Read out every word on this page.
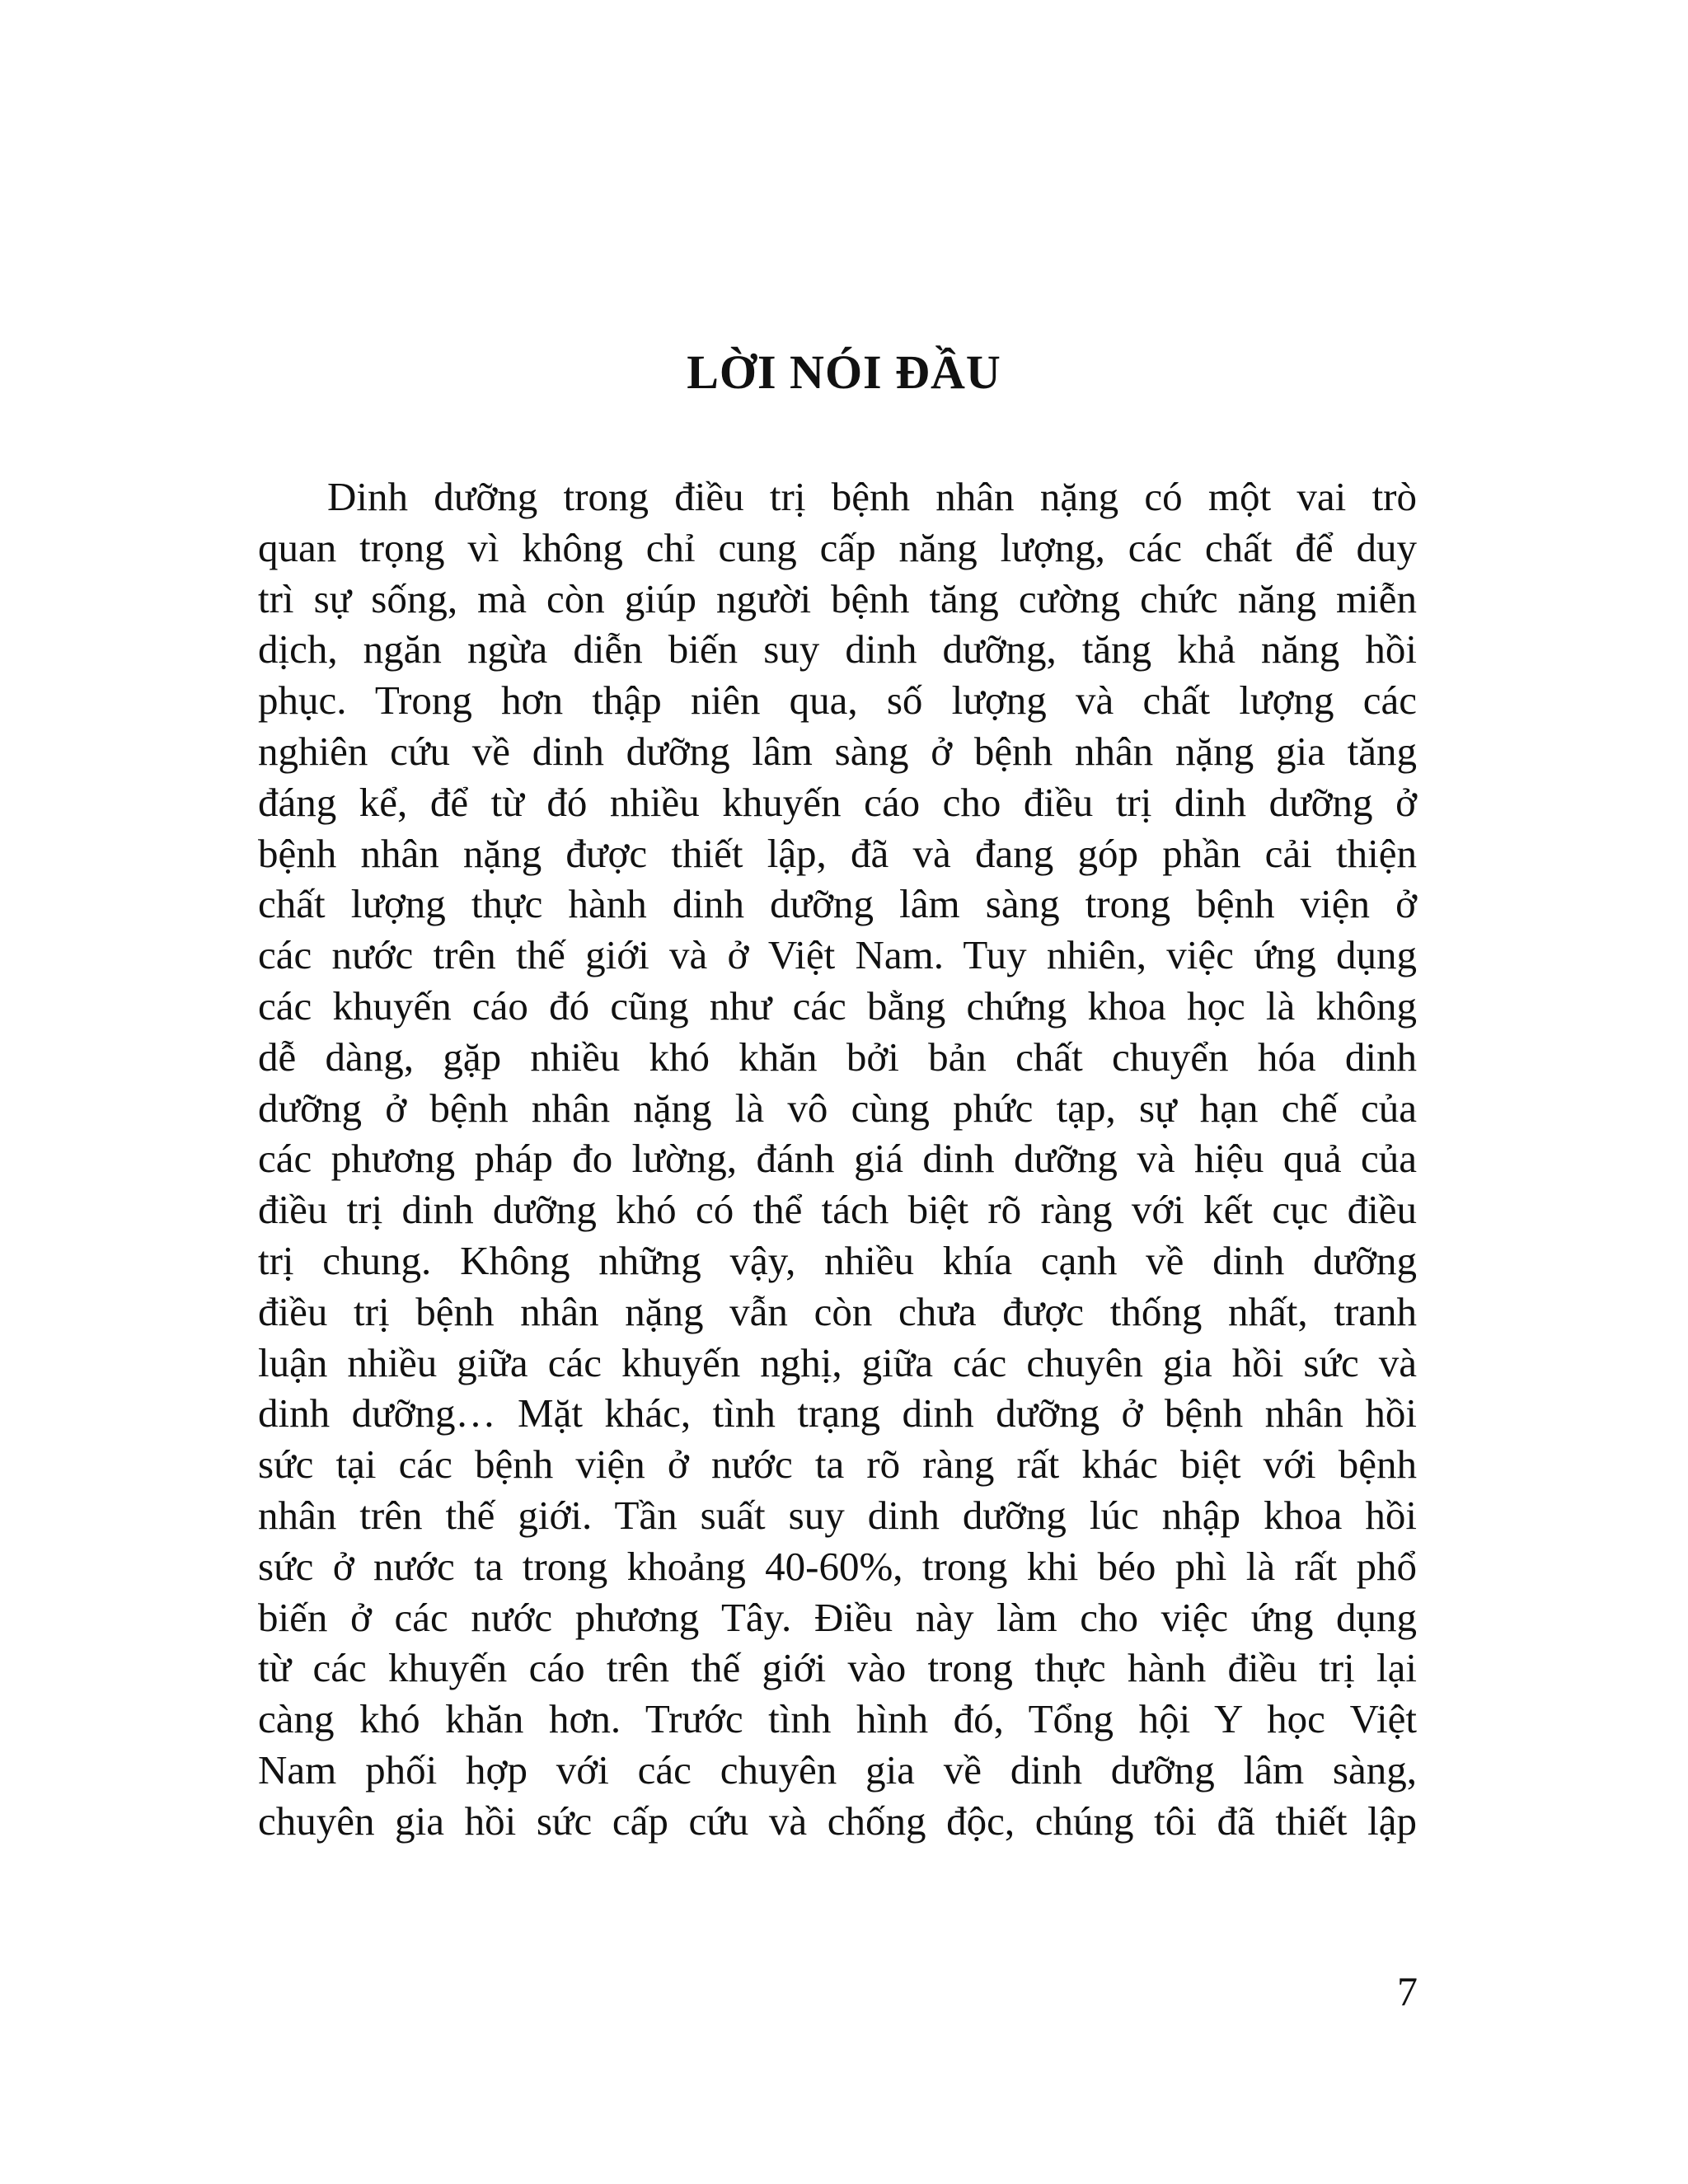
LỜI NÓI ĐẦU
Dinh dưỡng trong điều trị bệnh nhân nặng có một vai trò
quan trọng vì không chỉ cung cấp năng lượng, các chất để duy
trì sự sống, mà còn giúp người bệnh tăng cường chức năng miễn
dịch, ngăn ngừa diễn biến suy dinh dưỡng, tăng khả năng hồi
phục. Trong hơn thập niên qua, số lượng và chất lượng các
nghiên cứu về dinh dưỡng lâm sàng ở bệnh nhân nặng gia tăng
đáng kể, để từ đó nhiều khuyến cáo cho điều trị dinh dưỡng ở
bệnh nhân nặng được thiết lập, đã và đang góp phần cải thiện
chất lượng thực hành dinh dưỡng lâm sàng trong bệnh viện ở
các nước trên thế giới và ở Việt Nam. Tuy nhiên, việc ứng dụng
các khuyến cáo đó cũng như các bằng chứng khoa học là không
dễ dàng, gặp nhiều khó khăn bởi bản chất chuyển hóa dinh
dưỡng ở bệnh nhân nặng là vô cùng phức tạp, sự hạn chế của
các phương pháp đo lường, đánh giá dinh dưỡng và hiệu quả của
điều trị dinh dưỡng khó có thể tách biệt rõ ràng với kết cục điều
trị chung. Không những vậy, nhiều khía cạnh về dinh dưỡng
điều trị bệnh nhân nặng vẫn còn chưa được thống nhất, tranh
luận nhiều giữa các khuyến nghị, giữa các chuyên gia hồi sức và
dinh dưỡng… Mặt khác, tình trạng dinh dưỡng ở bệnh nhân hồi
sức tại các bệnh viện ở nước ta rõ ràng rất khác biệt với bệnh
nhân trên thế giới. Tần suất suy dinh dưỡng lúc nhập khoa hồi
sức ở nước ta trong khoảng 40-60%, trong khi béo phì là rất phổ
biến ở các nước phương Tây. Điều này làm cho việc ứng dụng
từ các khuyến cáo trên thế giới vào trong thực hành điều trị lại
càng khó khăn hơn. Trước tình hình đó, Tổng hội Y học Việt
Nam phối hợp với các chuyên gia về dinh dưỡng lâm sàng,
chuyên gia hồi sức cấp cứu và chống độc, chúng tôi đã thiết lập
7
